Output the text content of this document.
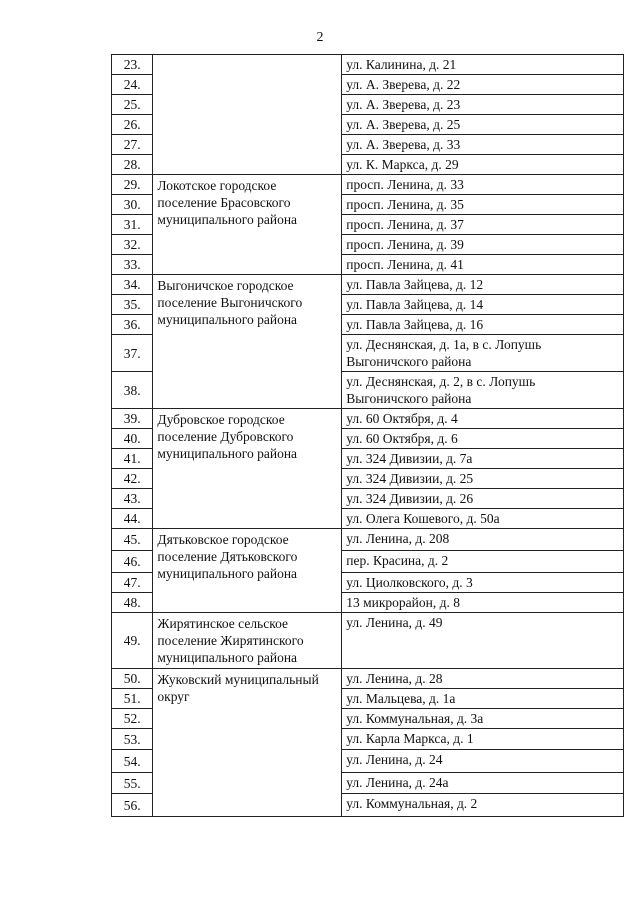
2
23.		ул. Калинина, д. 21
24.		ул. А. Зверева, д. 22
25.		ул. А. Зверева, д. 23
26.		ул. А. Зверева, д. 25
27.		ул. А. Зверева, д. 33
28.		ул. К. Маркса, д. 29
29.	Локотское городское поселение Брасовского муниципального района	просп. Ленина, д. 33
30.		просп. Ленина, д. 35
31.		просп. Ленина, д. 37
32.		просп. Ленина, д. 39
33.		просп. Ленина, д. 41
34.	Выгоничское городское поселение Выгоничского муниципального района	ул. Павла Зайцева, д. 12
35.		ул. Павла Зайцева, д. 14
36.		ул. Павла Зайцева, д. 16
37.		ул. Деснянская, д. 1а, в с. Лопушь Выгоничского района
38.		ул. Деснянская, д. 2, в с. Лопушь Выгоничского района
39.	Дубровское городское поселение Дубровского муниципального района	ул. 60 Октября, д. 4
40.		ул. 60 Октября, д. 6
41.		ул. 324 Дивизии, д. 7а
42.		ул. 324 Дивизии, д. 25
43.		ул. 324 Дивизии, д. 26
44.		ул. Олега Кошевого, д. 50а
45.	Дятьковское городское поселение Дятьковского муниципального района	ул. Ленина, д. 208
46.		пер. Красина, д. 2
47.		ул. Циолковского, д. 3
48.		13 микрорайон, д. 8
49.	Жирятинское сельское поселение Жирятинского муниципального района	ул. Ленина, д. 49
50.	Жуковский муниципальный округ	ул. Ленина, д. 28
51.		ул. Мальцева, д. 1а
52.		ул. Коммунальная, д. 3а
53.		ул. Карла Маркса, д. 1
54.		ул. Ленина, д. 24
55.		ул. Ленина, д. 24а
56.		ул. Коммунальная, д. 2
